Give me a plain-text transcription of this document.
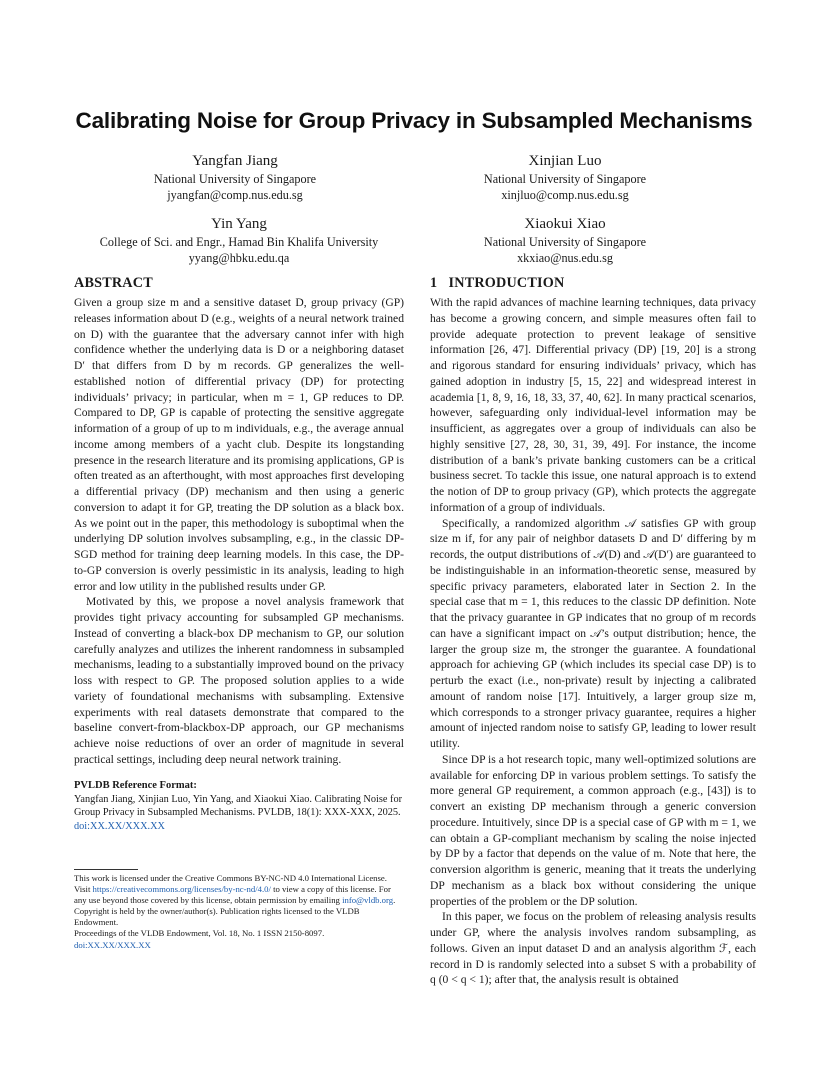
Calibrating Noise for Group Privacy in Subsampled Mechanisms
Yangfan Jiang
National University of Singapore
jyangfan@comp.nus.edu.sg
Xinjian Luo
National University of Singapore
xinjluo@comp.nus.edu.sg
Yin Yang
College of Sci. and Engr., Hamad Bin Khalifa University
yyang@hbku.edu.qa
Xiaokui Xiao
National University of Singapore
xkxiao@nus.edu.sg
ABSTRACT

Given a group size m and a sensitive dataset D, group privacy (GP) releases information about D (e.g., weights of a neural network trained on D) with the guarantee that the adversary cannot infer with high confidence whether the underlying data is D or a neighboring dataset D′ that differs from D by m records. GP generalizes the well-established notion of differential privacy (DP) for protecting individuals’ privacy; in particular, when m = 1, GP reduces to DP. Compared to DP, GP is capable of protecting the sensitive aggregate information of a group of up to m individuals, e.g., the average annual income among members of a yacht club. Despite its longstanding presence in the research literature and its promising applications, GP is often treated as an afterthought, with most approaches first developing a differential privacy (DP) mechanism and then using a generic conversion to adapt it for GP, treating the DP solution as a black box. As we point out in the paper, this methodology is suboptimal when the underlying DP solution involves subsampling, e.g., in the classic DP-SGD method for training deep learning models. In this case, the DP-to-GP conversion is overly pessimistic in its analysis, leading to high error and low utility in the published results under GP.

Motivated by this, we propose a novel analysis framework that provides tight privacy accounting for subsampled GP mechanisms. Instead of converting a black-box DP mechanism to GP, our solution carefully analyzes and utilizes the inherent randomness in subsampled mechanisms, leading to a substantially improved bound on the privacy loss with respect to GP. The proposed solution applies to a wide variety of foundational mechanisms with subsampling. Extensive experiments with real datasets demonstrate that compared to the baseline convert-from-blackbox-DP approach, our GP mechanisms achieve noise reductions of over an order of magnitude in several practical settings, including deep neural network training.

PVLDB Reference Format:
Yangfan Jiang, Xinjian Luo, Yin Yang, and Xiaokui Xiao. Calibrating Noise for Group Privacy in Subsampled Mechanisms. PVLDB, 18(1): XXX-XXX, 2025.
doi:XX.XX/XXX.XX

This work is licensed under the Creative Commons BY-NC-ND 4.0 International License. Visit https://creativecommons.org/licenses/by-nc-nd/4.0/ to view a copy of this license. For any use beyond those covered by this license, obtain permission by emailing info@vldb.org. Copyright is held by the owner/author(s). Publication rights licensed to the VLDB Endowment.

Proceedings of the VLDB Endowment, Vol. 18, No. 1 ISSN 2150-8097.

doi:XX.XX/XXX.XX

1   INTRODUCTION

With the rapid advances of machine learning techniques, data privacy has become a growing concern, and simple measures often fail to provide adequate protection to prevent leakage of sensitive information [26, 47]. Differential privacy (DP) [19, 20] is a strong and rigorous standard for ensuring individuals’ privacy, which has gained adoption in industry [5, 15, 22] and widespread interest in academia [1, 8, 9, 16, 18, 33, 37, 40, 62]. In many practical scenarios, however, safeguarding only individual-level information may be insufficient, as aggregates over a group of individuals can also be highly sensitive [27, 28, 30, 31, 39, 49]. For instance, the income distribution of a bank’s private banking customers can be a critical business secret. To tackle this issue, one natural approach is to extend the notion of DP to group privacy (GP), which protects the aggregate information of a group of individuals.

Specifically, a randomized algorithm 𝒜 satisfies GP with group size m if, for any pair of neighbor datasets D and D′ differing by m records, the output distributions of 𝒜(D) and 𝒜(D′) are guaranteed to be indistinguishable in an information-theoretic sense, measured by specific privacy parameters, elaborated later in Section 2. In the special case that m = 1, this reduces to the classic DP definition. Note that the privacy guarantee in GP indicates that no group of m records can have a significant impact on 𝒜’s output distribution; hence, the larger the group size m, the stronger the guarantee. A foundational approach for achieving GP (which includes its special case DP) is to perturb the exact (i.e., non-private) result by injecting a calibrated amount of random noise [17]. Intuitively, a larger group size m, which corresponds to a stronger privacy guarantee, requires a higher amount of injected random noise to satisfy GP, leading to lower result utility.

Since DP is a hot research topic, many well-optimized solutions are available for enforcing DP in various problem settings. To satisfy the more general GP requirement, a common approach (e.g., [43]) is to convert an existing DP mechanism through a generic conversion procedure. Intuitively, since DP is a special case of GP with m = 1, we can obtain a GP-compliant mechanism by scaling the noise injected by DP by a factor that depends on the value of m. Note that here, the conversion algorithm is generic, meaning that it treats the underlying DP mechanism as a black box without considering the unique properties of the problem or the DP solution.

In this paper, we focus on the problem of releasing analysis results under GP, where the analysis involves random subsampling, as follows. Given an input dataset D and an analysis algorithm ℱ, each record in D is randomly selected into a subset S with a probability of q (0 < q < 1); after that, the analysis result is obtained
